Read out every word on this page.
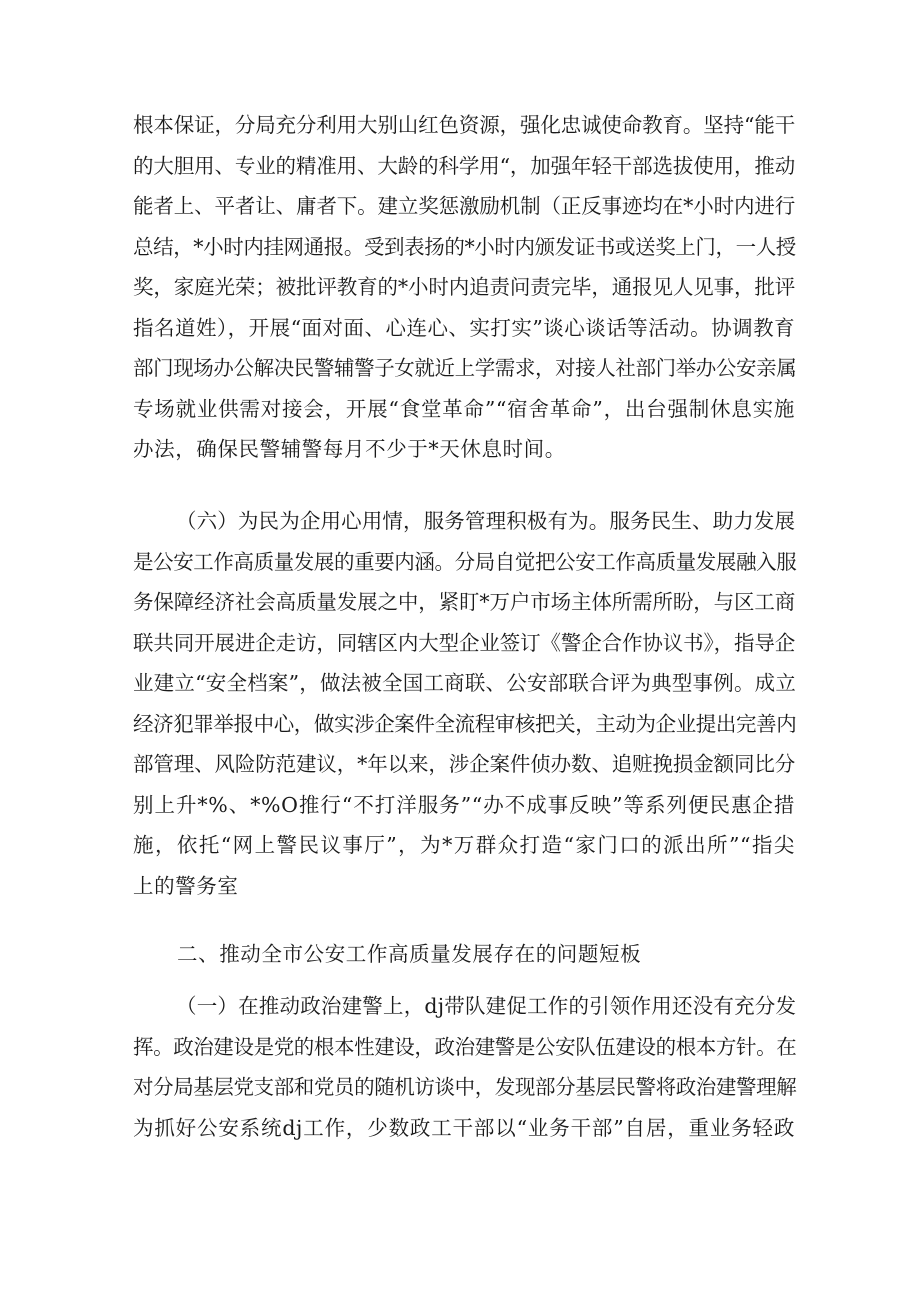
根本保证，分局充分利用大别山红色资源，强化忠诚使命教育。坚持“能干
的大胆用、专业的精准用、大龄的科学用“，加强年轻干部选拔使用，推动
能者上、平者让、庸者下。建立奖惩激励机制（正反事迹均在*小时内进行
总结，*小时内挂网通报。受到表扬的*小时内颁发证书或送奖上门，一人授
奖，家庭光荣；被批评教育的*小时内追责问责完毕，通报见人见事，批评
指名道姓），开展“面对面、心连心、实打实”谈心谈话等活动。协调教育
部门现场办公解决民警辅警子女就近上学需求，对接人社部门举办公安亲属
专场就业供需对接会，开展“食堂革命”“宿舍革命”，出台强制休息实施
办法，确保民警辅警每月不少于*天休息时间。
（六）为民为企用心用情，服务管理积极有为。服务民生、助力发展
是公安工作高质量发展的重要内涵。分局自觉把公安工作高质量发展融入服
务保障经济社会高质量发展之中，紧盯*万户市场主体所需所盼，与区工商
联共同开展进企走访，同辖区内大型企业签订《警企合作协议书》，指导企
业建立“安全档案”，做法被全国工商联、公安部联合评为典型事例。成立
经济犯罪举报中心，做实涉企案件全流程审核把关，主动为企业提出完善内
部管理、风险防范建议，*年以来，涉企案件侦办数、追赃挽损金额同比分
别上升*%、*%O推行“不打洋服务”“办不成事反映”等系列便民惠企措
施，依托“网上警民议事厅”，为*万群众打造“家门口的派出所”“指尖
上的警务室
二、推动全市公安工作高质量发展存在的问题短板
（一）在推动政治建警上，dj带队建促工作的引领作用还没有充分发
挥。政治建设是党的根本性建设，政治建警是公安队伍建设的根本方针。在
对分局基层党支部和党员的随机访谈中，发现部分基层民警将政治建警理解
为抓好公安系统dj工作，少数政工干部以“业务干部”自居，重业务轻政
